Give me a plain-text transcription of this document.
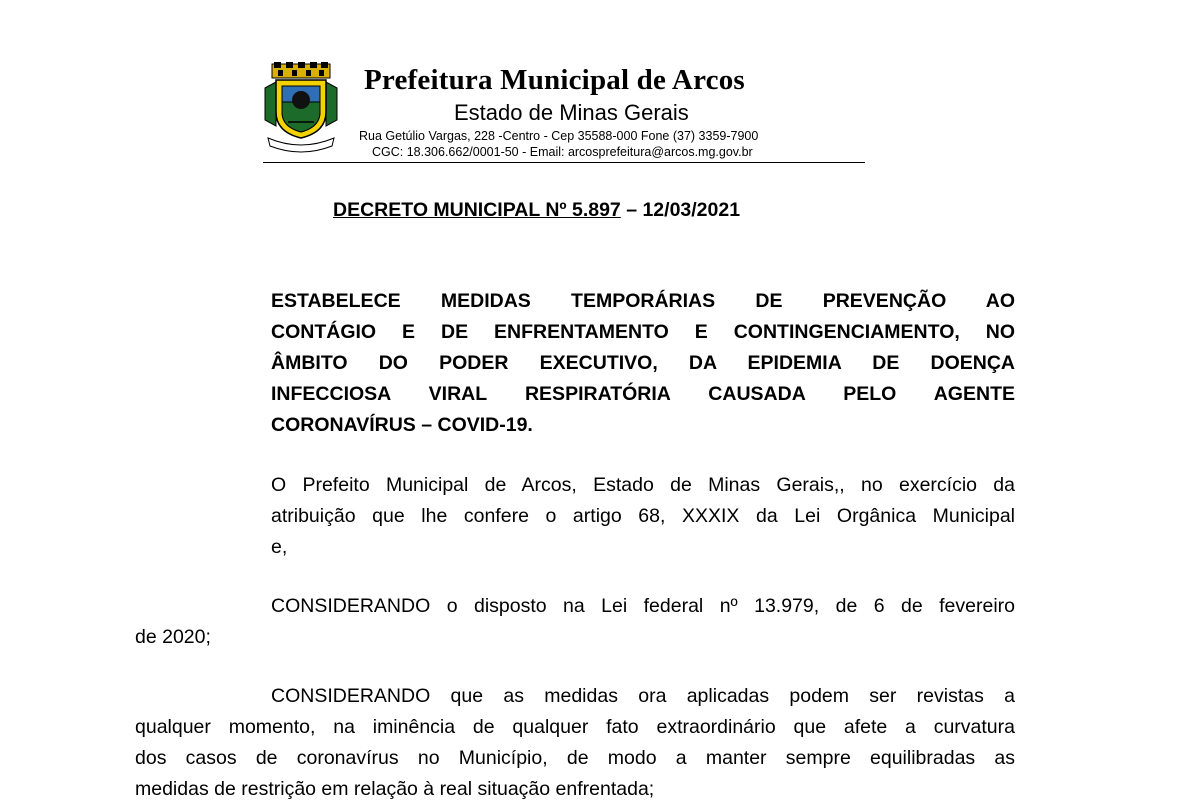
Prefeitura Municipal de Arcos
Estado de Minas Gerais
Rua Getúlio Vargas, 228 -Centro - Cep 35588-000 Fone (37) 3359-7900
CGC: 18.306.662/0001-50 - Email: arcosprefeitura@arcos.mg.gov.br
DECRETO MUNICIPAL Nº 5.897 – 12/03/2021
ESTABELECE MEDIDAS TEMPORÁRIAS DE PREVENÇÃO AO
CONTÁGIO E DE ENFRENTAMENTO E CONTINGENCIAMENTO, NO
ÂMBITO DO PODER EXECUTIVO, DA EPIDEMIA DE DOENÇA
INFECCIOSA VIRAL RESPIRATÓRIA CAUSADA PELO AGENTE
CORONAVÍRUS – COVID-19.
O Prefeito Municipal de Arcos, Estado de Minas Gerais,, no exercício da
atribuição que lhe confere o artigo 68, XXXIX da Lei Orgânica Municipal
e,
CONSIDERANDO o disposto na Lei federal nº 13.979, de 6 de fevereiro
de 2020;
CONSIDERANDO que as medidas ora aplicadas podem ser revistas a
qualquer momento, na iminência de qualquer fato extraordinário que afete a curvatura
dos casos de coronavírus no Município, de modo a manter sempre equilibradas as
medidas de restrição em relação à real situação enfrentada;
